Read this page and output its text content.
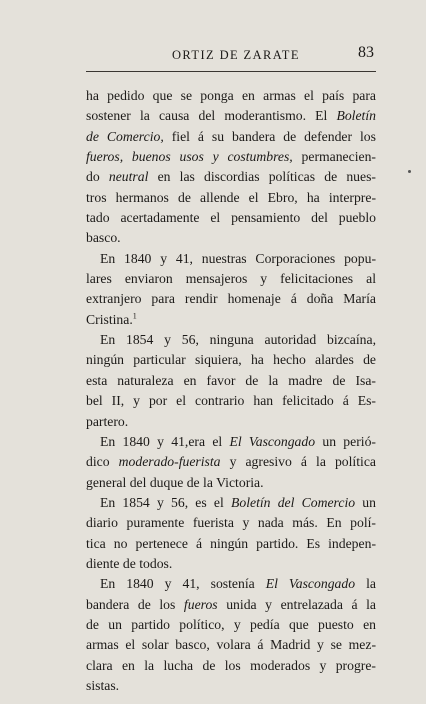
ORTIZ DE ZARATE	83
ha pedido que se ponga en armas el país para
sostener la causa del moderantismo. El Boletín
de Comercio, fiel á su bandera de defender los
fueros, buenos usos y costumbres, permanecien-
do neutral en las discordias políticas de nues-
tros hermanos de allende el Ebro, ha interpre-
tado acertadamente el pensamiento del pueblo
basco.
En 1840 y 41, nuestras Corporaciones popu-
lares enviaron mensajeros y felicitaciones al
extranjero para rendir homenaje á doña María
Cristina.$^1$
En 1854 y 56, ninguna autoridad bizcaína,
ningún particular siquiera, ha hecho alardes de
esta naturaleza en favor de la madre de Isa-
bel II, y por el contrario han felicitado á Es-
partero.
En 1840 y 41,era el El Vascongado un perió-
dico moderado-fuerista y agresivo á la política
general del duque de la Victoria.
En 1854 y 56, es el Boletín del Comercio un
diario puramente fuerista y nada más. En polí-
tica no pertenece á ningún partido. Es indepen-
diente de todos.
En 1840 y 41, sostenía El Vascongado la
bandera de los fueros unida y entrelazada á la
de un partido político, y pedía que puesto en
armas el solar basco, volara á Madrid y se mez-
clara en la lucha de los moderados y progre-
sistas.
